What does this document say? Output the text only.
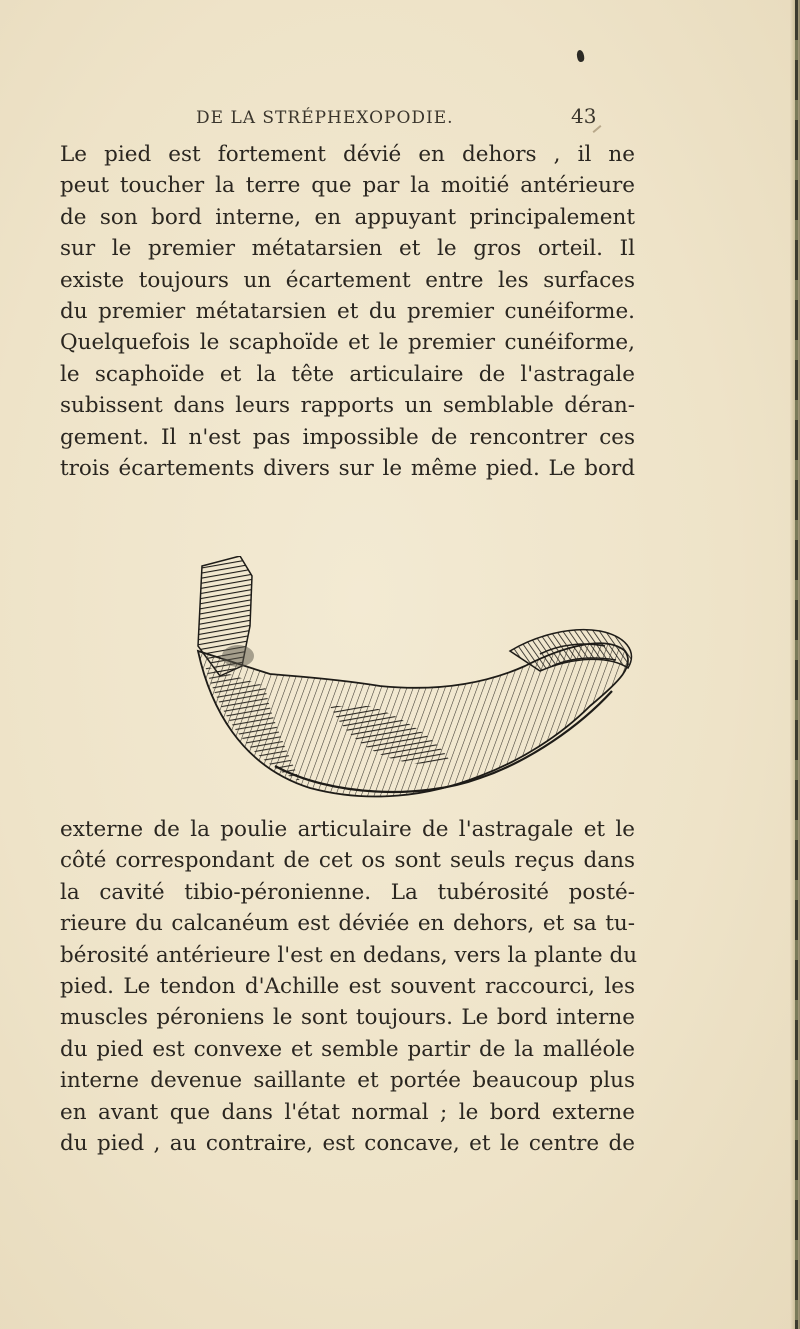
DE LA STRÉPHEXOPODIE.	43
Le pied est fortement dévié en dehors , il ne
peut toucher la terre que par la moitié antérieure
de son bord interne, en appuyant principalement
sur le premier métatarsien et le gros orteil. Il
existe toujours un écartement entre les surfaces
du premier métatarsien et du premier cunéiforme.
Quelquefois le scaphoïde et le premier cunéiforme,
le scaphoïde et la tête articulaire de l'astragale
subissent dans leurs rapports un semblable déran-
gement. Il n'est pas impossible de rencontrer ces
trois écartements divers sur le même pied. Le bord
externe de la poulie articulaire de l'astragale et le
côté correspondant de cet os sont seuls reçus dans
la cavité tibio-péronienne. La tubérosité posté-
rieure du calcanéum est déviée en dehors, et sa tu-
bérosité antérieure l'est en dedans, vers la plante du
pied. Le tendon d'Achille est souvent raccourci, les
muscles péroniens le sont toujours. Le bord interne
du pied est convexe et semble partir de la malléole
interne devenue saillante et portée beaucoup plus
en avant que dans l'état normal ; le bord externe
du pied , au contraire, est concave, et le centre de
